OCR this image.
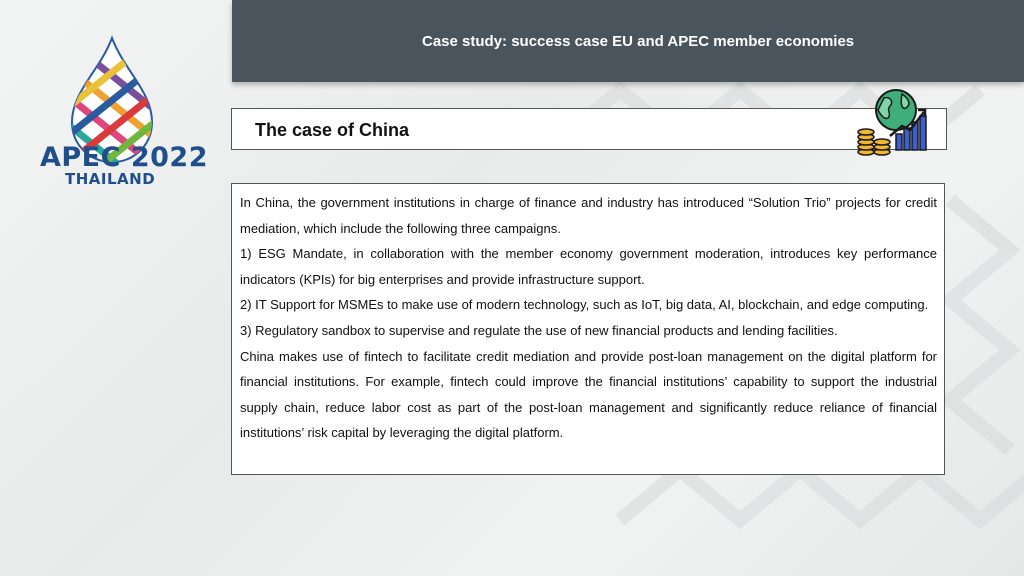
Case study: success case EU and APEC member economies
APEC 2022
THAILAND
The case of China

In China, the government institutions in charge of finance and industry has introduced “Solution Trio” projects for credit mediation, which include the following three campaigns.

1) ESG Mandate, in collaboration with the member economy government moderation, introduces key performance indicators (KPIs) for big enterprises and provide infrastructure support.

2) IT Support for MSMEs to make use of modern technology, such as IoT, big data, AI, blockchain, and edge computing.

3) Regulatory sandbox to supervise and regulate the use of new financial products and lending facilities.

China makes use of fintech to facilitate credit mediation and provide post-loan management on the digital platform for financial institutions. For example, fintech could improve the financial institutions’ capability to support the industrial supply chain, reduce labor cost as part of the post-loan management and significantly reduce reliance of financial institutions’ risk capital by leveraging the digital platform.
